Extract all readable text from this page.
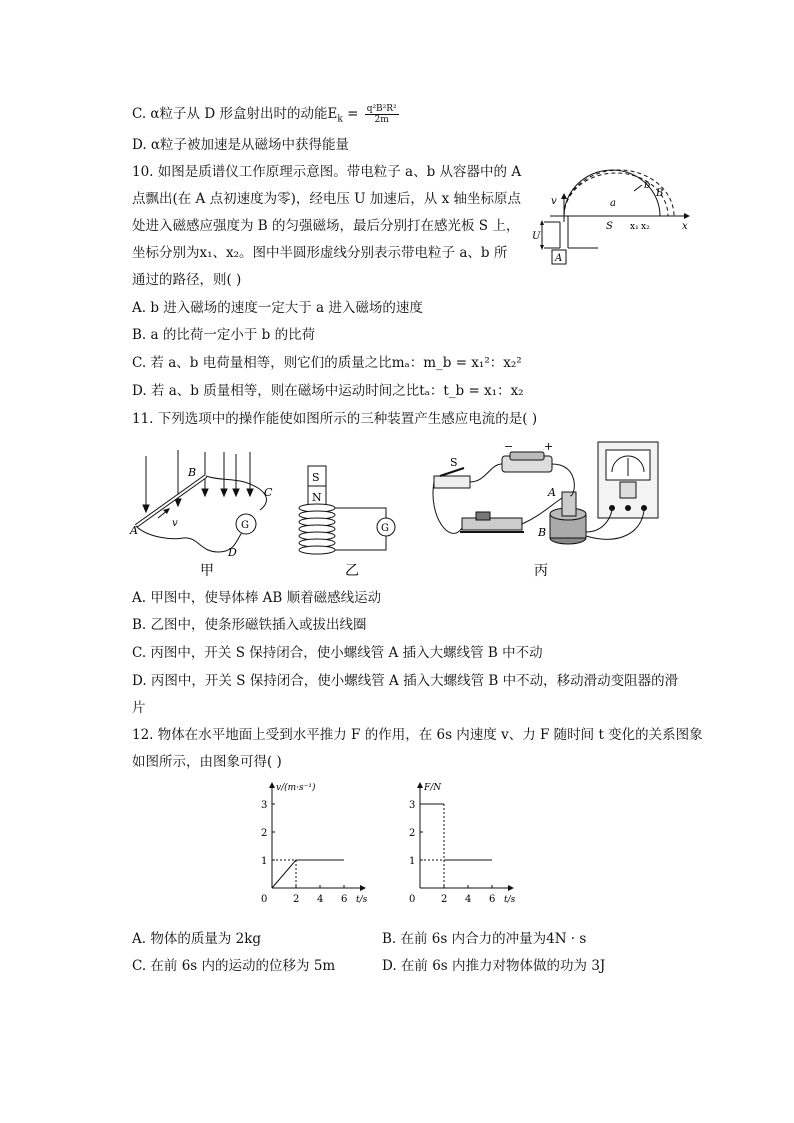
C. α粒子从 D 形盒射出时的动能$E_k = \frac{\text{q²B²R²}}{2m}$
D. α粒子被加速是从磁场中获得能量
10. 如图是质谱仪工作原理示意图。带电粒子 a、b 从容器中的 A
点飘出(在 A 点初速度为零)，经电压 U 加速后，从 x 轴坐标原点
处进入磁感应强度为 B 的匀强磁场，最后分别打在感光板 S 上，
坐标分别为x₁、x₂。图中半圆形虚线分别表示带电粒子 a、b 所
通过的路径，则( )
x
v	a
b
B
S x₁ x₂
U
A
A. b 进入磁场的速度一定大于 a 进入磁场的速度
B. a 的比荷一定小于 b 的比荷
C. 若 a、b 电荷量相等，则它们的质量之比mₐ：m_b = x₁²：x₂²
D. 若 a、b 质量相等，则在磁场中运动时间之比tₐ：t_b = x₁：x₂
11. 下列选项中的操作能使如图所示的三种装置产生感应电流的是( )
v	G
A
B
C
D
甲
S
N
G
乙
S
−	+
A
B
丙
A. 甲图中，使导体棒 AB 顺着磁感线运动
B. 乙图中，使条形磁铁插入或拔出线圈
C. 丙图中，开关 S 保持闭合，使小螺线管 A 插入大螺线管 B 中不动
D. 丙图中，开关 S 保持闭合，使小螺线管 A 插入大螺线管 B 中不动，移动滑动变阻器的滑
片
12. 物体在水平地面上受到水平推力 F 的作用，在 6s 内速度 v、力 F 随时间 t 变化的关系图象
如图所示，由图象可得( )
v/(m·s⁻¹)
t/s
0	2 4 6
1
2
3
F/N
t/s
0	2 4 6
1
2
3
A. 物体的质量为 2kg
C. 在前 6s 内的运动的位移为 5m
B. 在前 6s 内合力的冲量为4N · s
D. 在前 6s 内推力对物体做的功为 3J
